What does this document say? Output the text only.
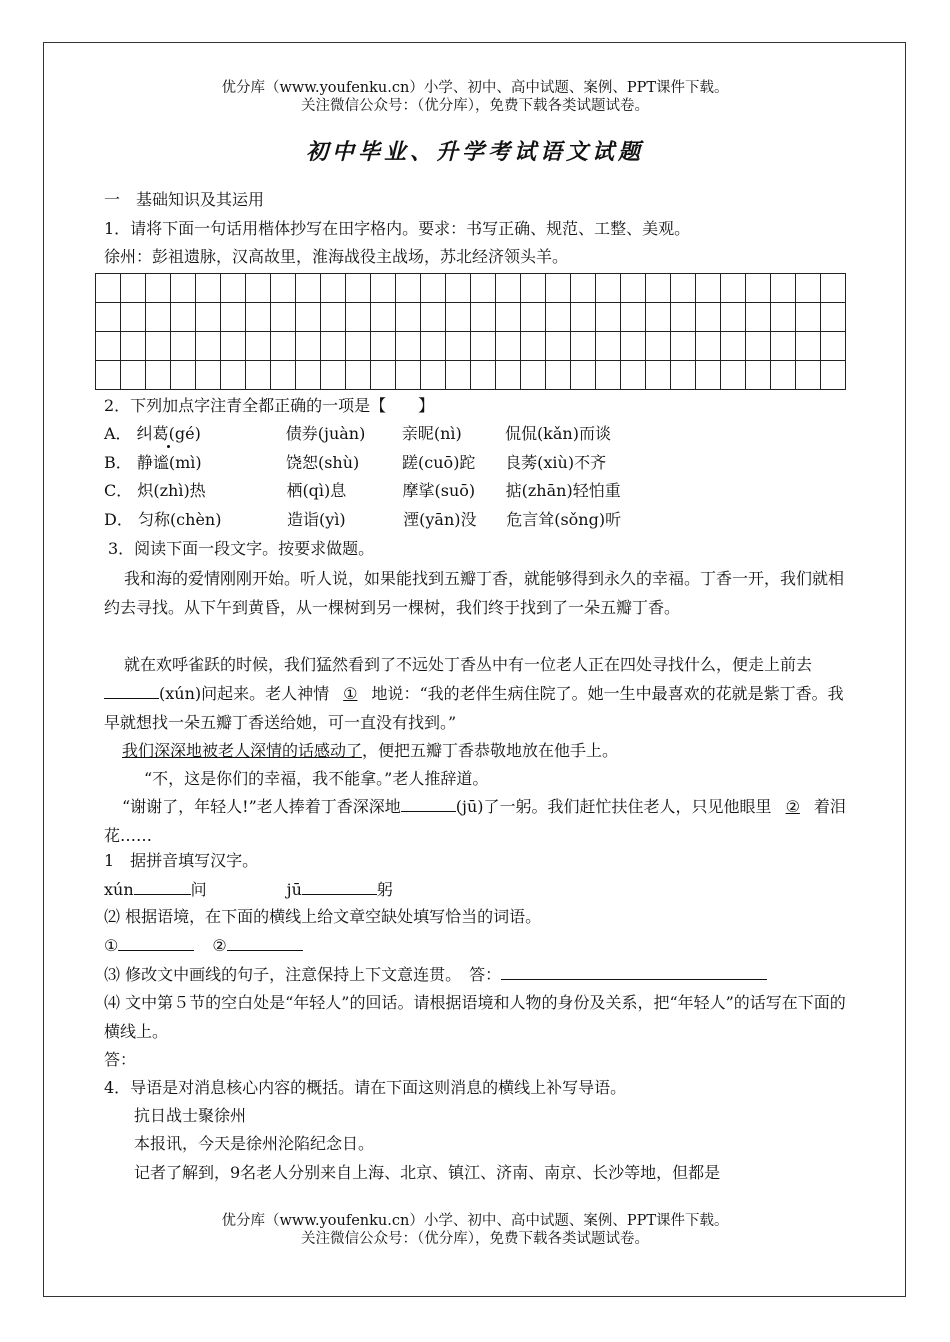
优分库（www.youfenku.cn）小学、初中、高中试题、案例、PPT课件下载。
关注微信公众号：（优分库），免费下载各类试题试卷。
初中毕业、升学考试语文试题
一　基础知识及其运用
1．请将下面一句话用楷体抄写在田字格内。要求：书写正确、规范、工整、美观。
徐州：彭祖遗脉，汉高故里，淮海战役主战场，苏北经济领头羊。

2．下列加点字注青全都正确的一项是【　　】
A． 纠葛(gé)	债券(juàn) 亲昵(nì)	侃侃(kǎn)而谈
B． 静谧(mì)	饶恕(shù)	蹉(cuō)跎 良莠(xiù)不齐
C． 炽(zhì)热	栖(qì)息	摩挲(suō) 掂(zhān)轻怕重
D． 匀称(chèn)	造诣(yì)	湮(yān)没 危言耸(sǒng)听
3．阅读下面一段文字。按要求做题。
我和海的爱情刚刚开始。听人说，如果能找到五瓣丁香，就能够得到永久的幸福。丁香一开，我们就相约去寻找。从下午到黄昏，从一棵树到另一棵树，我们终于找到了一朵五瓣丁香。
就在欢呼雀跃的时候，我们猛然看到了不远处丁香丛中有一位老人正在四处寻找什么，便走上前去(xún)问起来。老人神情 ① 地说：“我的老伴生病住院了。她一生中最喜欢的花就是紫丁香。我早就想找一朵五瓣丁香送给她，可一直没有找到。”
我们深深地被老人深情的话感动了，便把五瓣丁香恭敬地放在他手上。
“不，这是你们的幸福，我不能拿。”老人推辞道。
“谢谢了，年轻人!”老人捧着丁香深深地	(jū)了一躬。我们赶忙扶住老人，只见他眼里 ② 着泪花……
1　据拼音填写汉字。
xún	问	jū	躬
⑵ 根据语境，在下面的横线上给文章空缺处填写恰当的词语。
①	②
⑶ 修改文中画线的句子，注意保持上下文意连贯。　答：
⑷ 文中第５节的空白处是“年轻人”的回话。请根据语境和人物的身份及关系，把“年轻人”的话写在下面的横线上。
答：
4．导语是对消息核心内容的概括。请在下面这则消息的横线上补写导语。
抗日战士聚徐州
本报讯，今天是徐州沦陷纪念日。
记者了解到，9名老人分别来自上海、北京、镇江、济南、南京、长沙等地，但都是
优分库（www.youfenku.cn）小学、初中、高中试题、案例、PPT课件下载。
关注微信公众号：（优分库），免费下载各类试题试卷。
